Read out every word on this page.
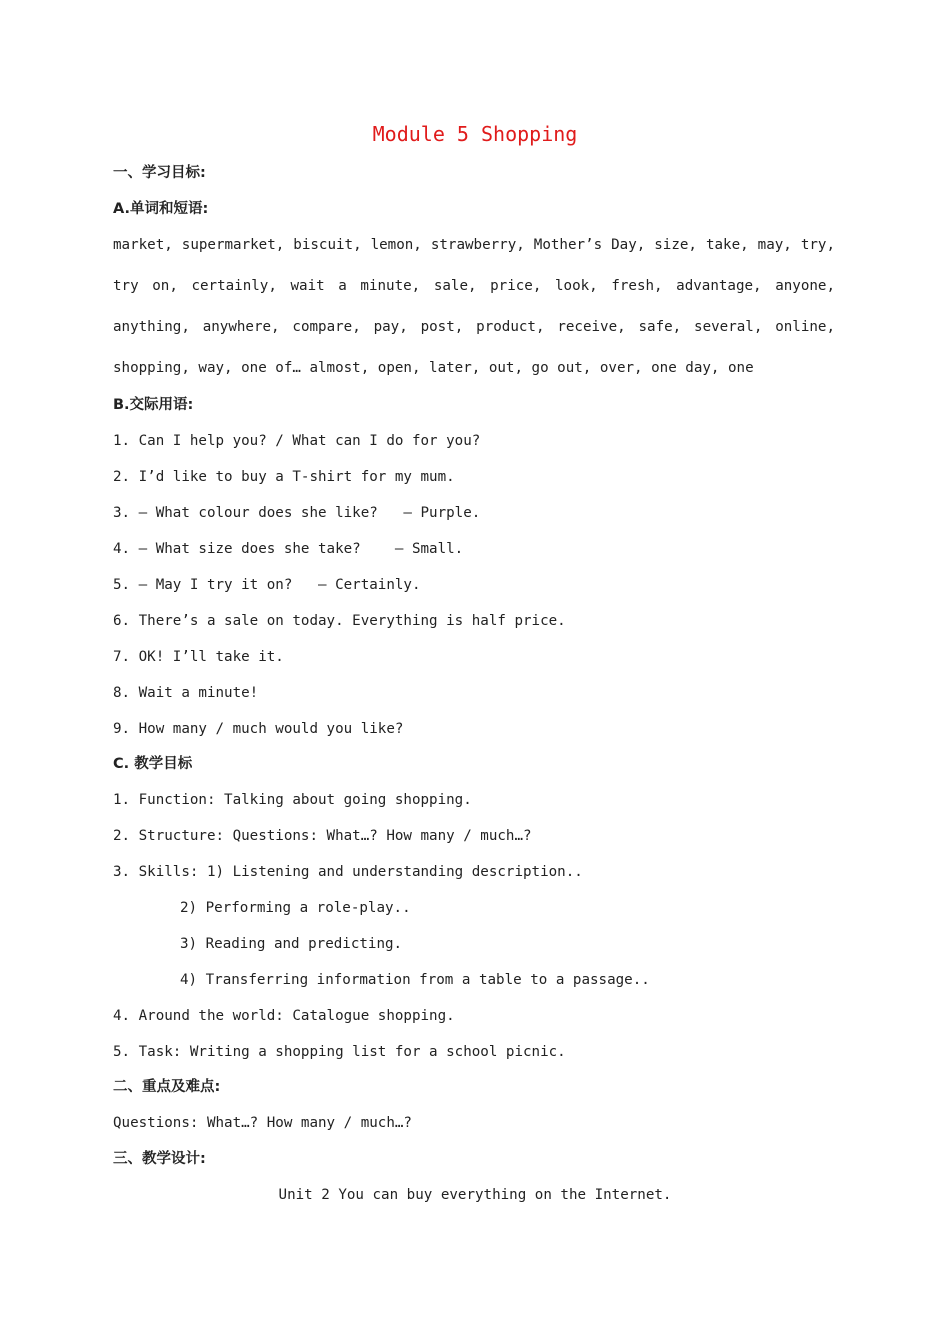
Module 5 Shopping
一、学习目标:
A.单词和短语:
market, supermarket, biscuit, lemon, strawberry, Mother’s Day, size, take, may, try,
try on, certainly, wait a minute, sale, price, look, fresh, advantage, anyone,
anything, anywhere, compare, pay, post, product, receive, safe, several, online,
shopping, way, one of… almost, open, later, out, go out, over, one day, one
B.交际用语:
1. Can I help you? / What can I do for you?
2. I’d like to buy a T-shirt for my mum.
3. — What colour does she like?   — Purple.
4. — What size does she take?    — Small.
5. — May I try it on?   — Certainly.
6. There’s a sale on today. Everything is half price.
7. OK! I’ll take it.
8. Wait a minute!
9. How many / much would you like?
C. 教学目标
1. Function: Talking about going shopping.
2. Structure: Questions: What…? How many / much…?
3. Skills: 1) Listening and understanding description..
2) Performing a role-play..
3) Reading and predicting.
4) Transferring information from a table to a passage..
4. Around the world: Catalogue shopping.
5. Task: Writing a shopping list for a school picnic.
二、重点及难点:
Questions: What…? How many / much…?
三、教学设计:
Unit 2 You can buy everything on the Internet.
